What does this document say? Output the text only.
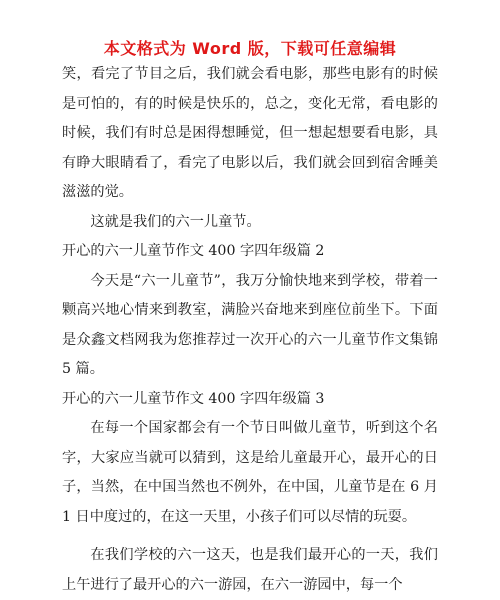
本文格式为 Word 版，下载可任意编辑

笑，看完了节目之后，我们就会看电影，那些电影有的时候是可怕的，有的时候是快乐的，总之，变化无常，看电影的时候，我们有时总是困得想睡觉，但一想起想要看电影，具有睁大眼睛看了，看完了电影以后，我们就会回到宿舍睡美滋滋的觉。

这就是我们的六一儿童节。

开心的六一儿童节作文 400 字四年级篇 2

今天是“六一儿童节”，我万分愉快地来到学校，带着一颗高兴地心情来到教室，满脸兴奋地来到座位前坐下。下面是众鑫文档网我为您推荐过一次开心的六一儿童节作文集锦 5 篇。

开心的六一儿童节作文 400 字四年级篇 3

在每一个国家都会有一个节日叫做儿童节，听到这个名字，大家应当就可以猜到，这是给儿童最开心，最开心的日子，当然，在中国当然也不例外，在中国，儿童节是在 6 月 1 日中度过的，在这一天里，小孩子们可以尽情的玩耍。

在我们学校的六一这天，也是我们最开心的一天，我们上午进行了最开心的六一游园，在六一游园中，每一个
